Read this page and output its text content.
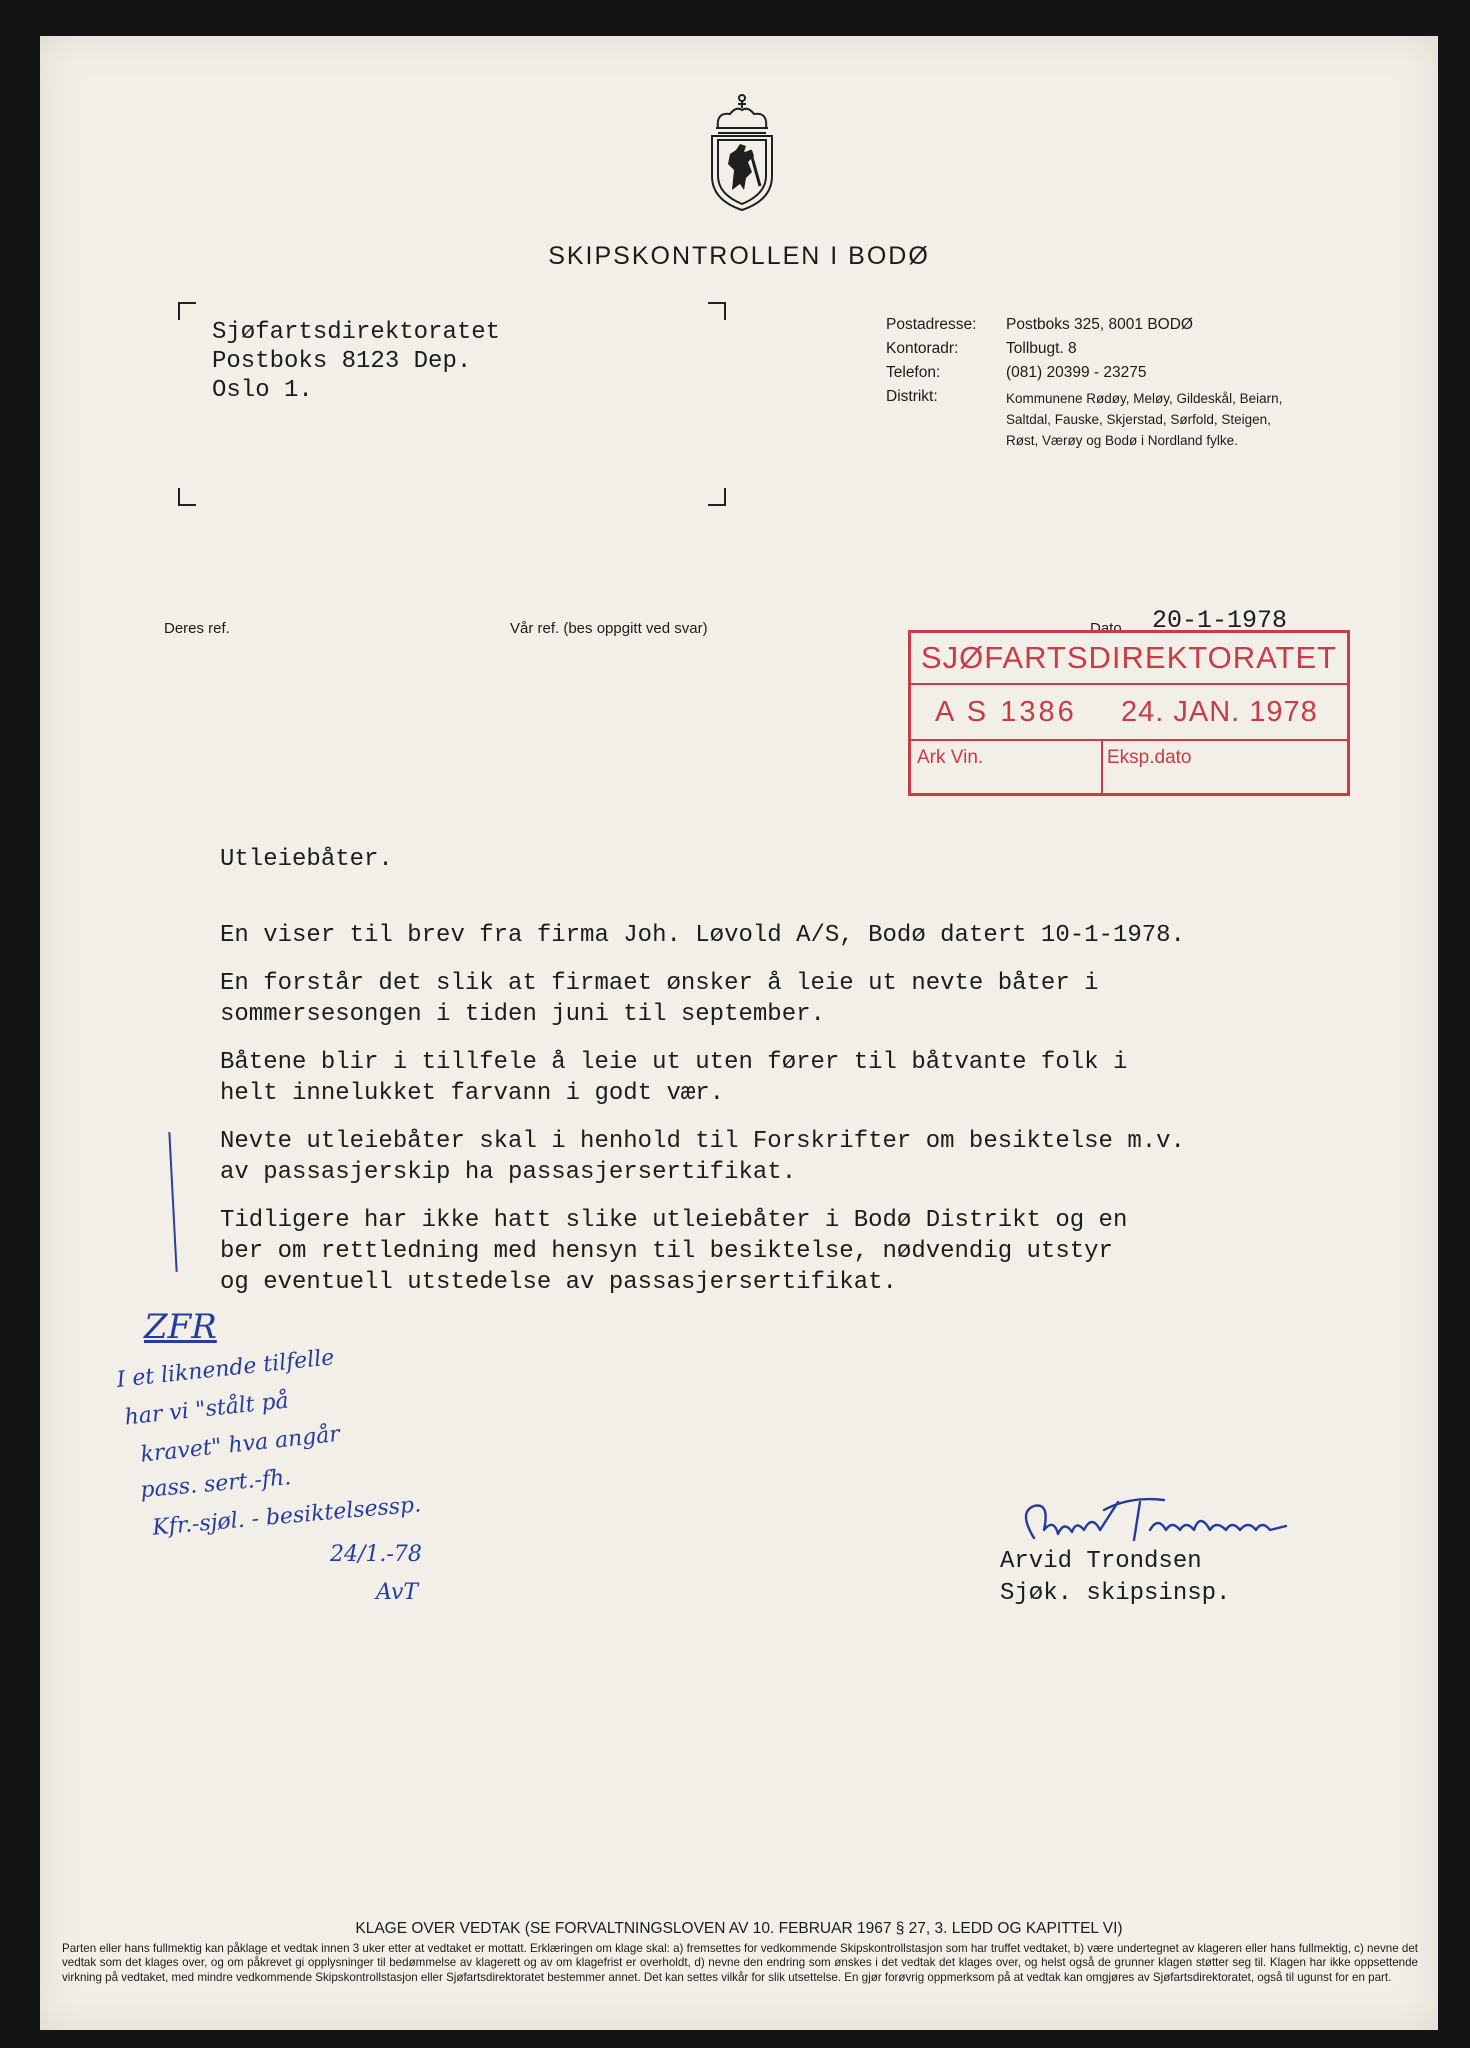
SKIPSKONTROLLEN I BODØ
Sjøfartsdirektoratet
Postboks 8123 Dep.
Oslo 1.
Postadresse:	Postboks 325, 8001 BODØ
Kontoradr:	Tollbugt. 8
Telefon:	(081) 20399 - 23275
Distrikt:	Kommunene Rødøy, Meløy, Gildeskål, Beiarn, Saltdal, Fauske, Skjerstad, Sørfold, Steigen, Røst, Værøy og Bodø i Nordland fylke.
Deres ref.	Vår ref. (bes oppgitt ved svar)	Dato 20-1-1978
SJØFARTSDIREKTORATET
A S 1386 24. JAN. 1978
Ark Vin.	Eksp.dato
Utleiebåter.

En viser til brev fra firma Joh. Løvold A/S, Bodø datert 10-1-1978.

En forstår det slik at firmaet ønsker å leie ut nevte båter i
sommersesongen i tiden juni til september.

Båtene blir i tillfele å leie ut uten fører til båtvante folk i
helt innelukket farvann i godt vær.

Nevte utleiebåter skal i henhold til Forskrifter om besiktelse m.v.
av passasjerskip ha passasjersertifikat.

Tidligere har ikke hatt slike utleiebåter i Bodø Distrikt og en
ber om rettledning med hensyn til besiktelse, nødvendig utstyr
og eventuell utstedelse av passasjersertifikat.

ZFR
I et liknende tilfelle
har vi "stålt på
kravet" hva angår
pass. sert.-fh.
Kfr.-sjøl. - besiktelsessp.
24/1.-78
AvT
Arvid Trondsen
Sjøk. skipsinsp.
KLAGE OVER VEDTAK (SE FORVALTNINGSLOVEN AV 10. FEBRUAR 1967 § 27, 3. LEDD OG KAPITTEL VI)
Parten eller hans fullmektig kan påklage et vedtak innen 3 uker etter at vedtaket er mottatt. Erklæringen om klage skal: a) fremsettes for vedkommende Skipskontrollstasjon som har truffet vedtaket, b) være undertegnet av klageren eller hans fullmektig, c) nevne det vedtak som det klages over, og om påkrevet gi opplysninger til bedømmelse av klagerett og av om klagefrist er overholdt, d) nevne den endring som ønskes i det vedtak det klages over, og helst også de grunner klagen støtter seg til. Klagen har ikke oppsettende virkning på vedtaket, med mindre vedkommende Skipskontrollstasjon eller Sjøfartsdirektoratet bestemmer annet. Det kan settes vilkår for slik utsettelse. En gjør forøvrig oppmerksom på at vedtak kan omgjøres av Sjøfartsdirektoratet, også til ugunst for en part.
